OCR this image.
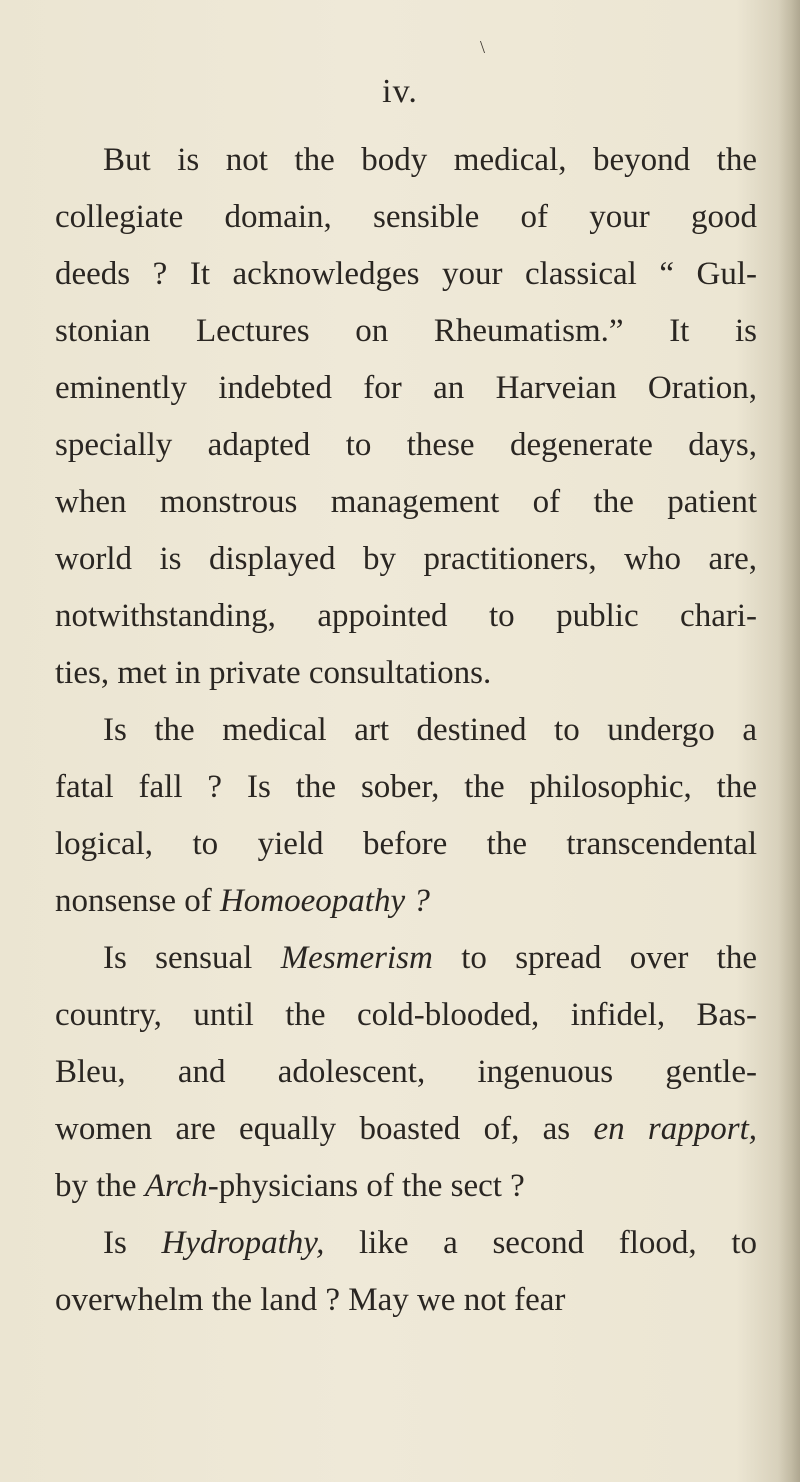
\
iv.
But is not the body medical, beyond the
collegiate domain, sensible of your good
deeds ? It acknowledges your classical “ Gul-
stonian Lectures on Rheumatism.” It is
eminently indebted for an Harveian Oration,
specially adapted to these degenerate days,
when monstrous management of the patient
world is displayed by practitioners, who are,
notwithstanding, appointed to public chari-
ties, met in private consultations.
Is the medical art destined to undergo a
fatal fall ? Is the sober, the philosophic, the
logical, to yield before the transcendental
nonsense of Homoeopathy ?
Is sensual Mesmerism to spread over the
country, until the cold-blooded, infidel, Bas-
Bleu, and adolescent, ingenuous gentle-
women are equally boasted of, as en rapport,
by the Arch-physicians of the sect ?
Is Hydropathy, like a second flood, to
overwhelm the land ? May we not fear
